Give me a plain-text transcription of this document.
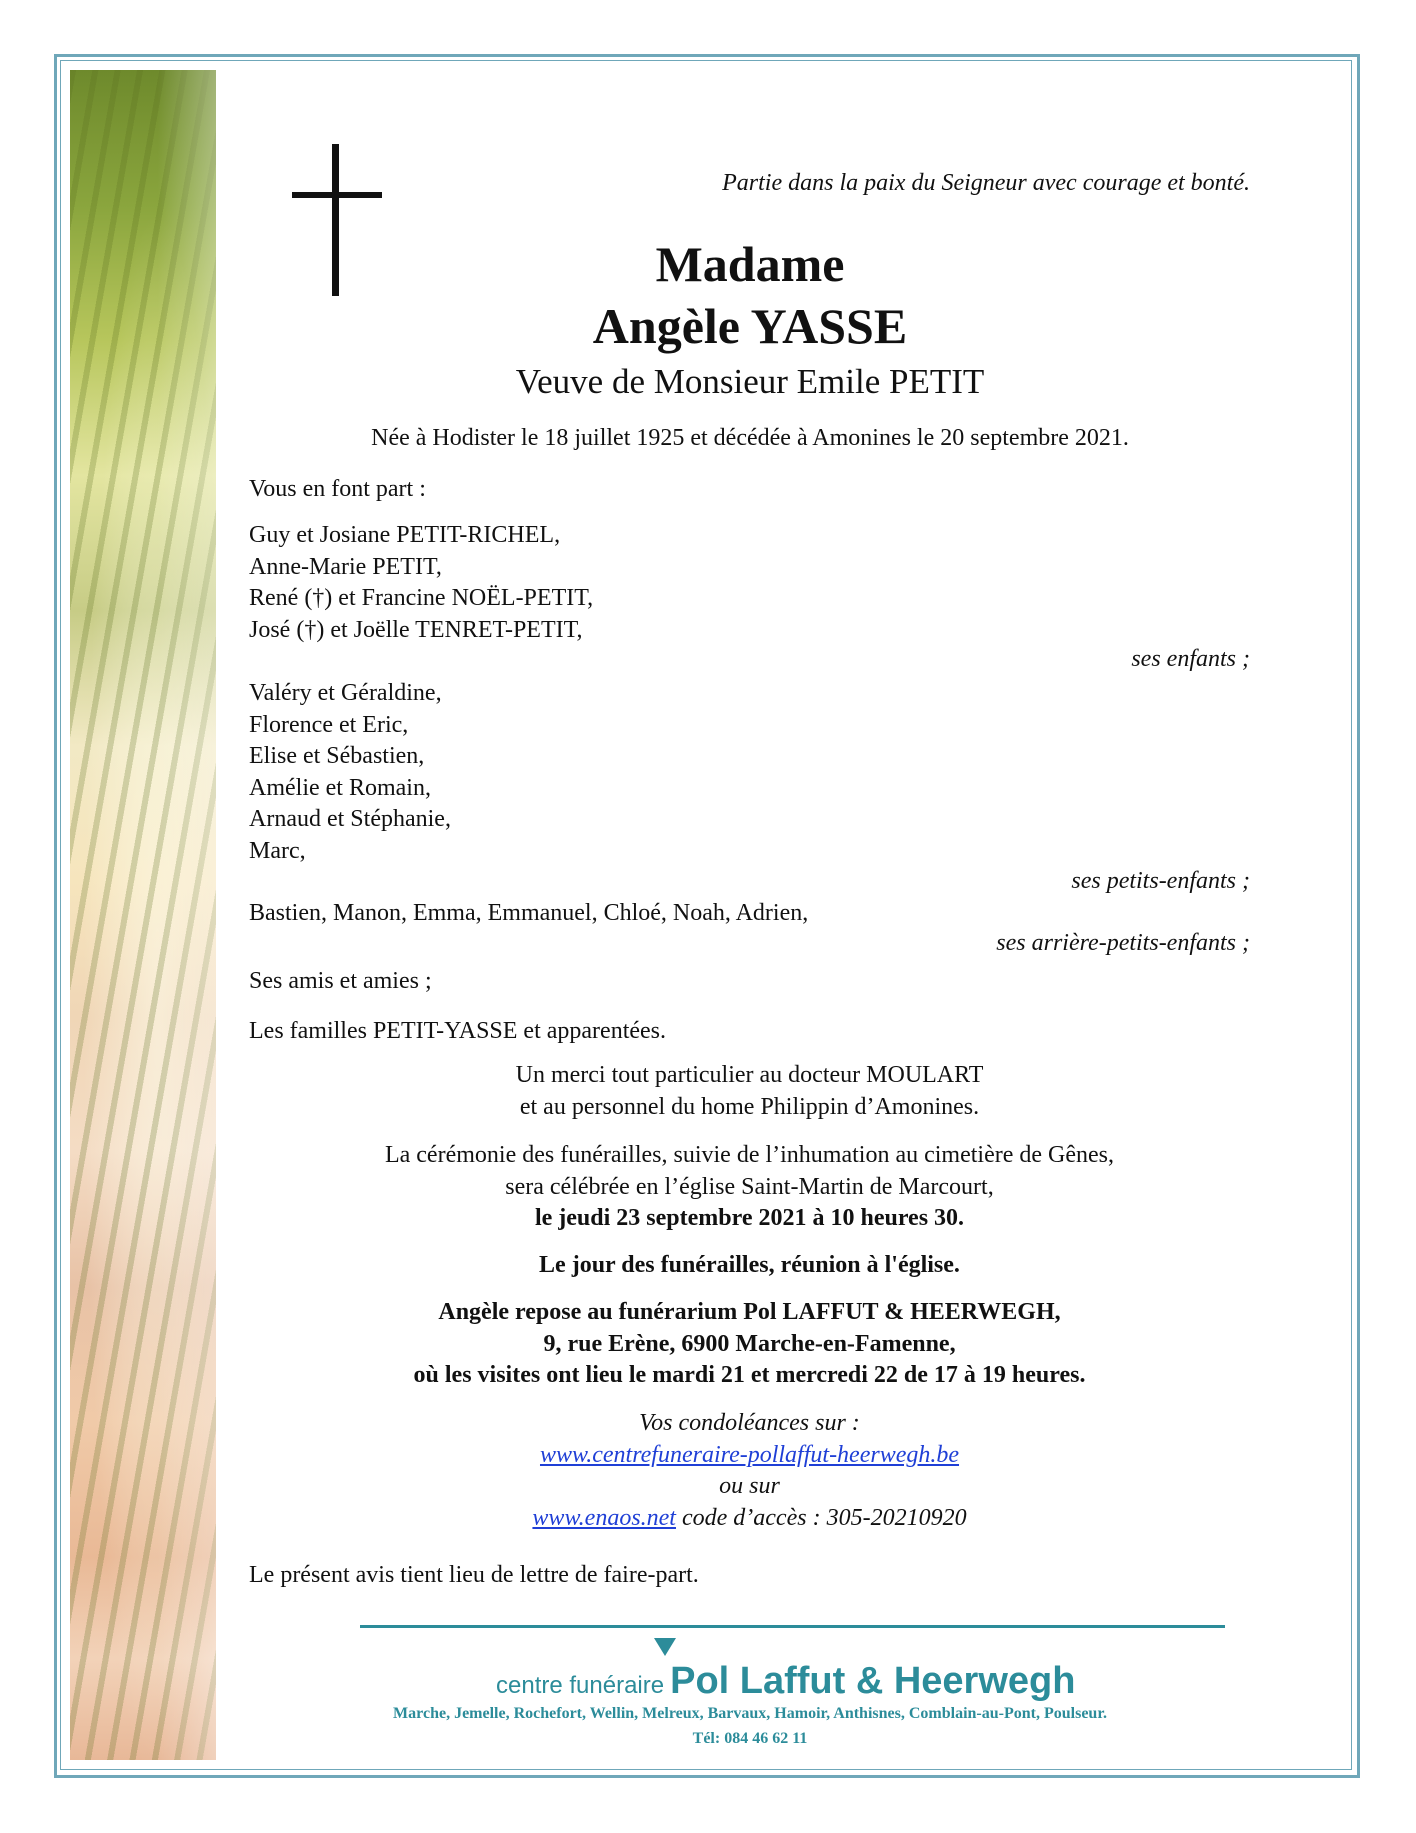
Partie dans la paix du Seigneur avec courage et bonté.
Madame
Angèle YASSE
Veuve de Monsieur Emile PETIT
Née à Hodister le 18 juillet 1925 et décédée à Amonines le 20 septembre 2021.
Vous en font part :
Guy et Josiane PETIT-RICHEL,
Anne-Marie PETIT,
René (†) et Francine NOËL-PETIT,
José (†) et Joëlle TENRET-PETIT,
ses enfants ;
Valéry et Géraldine,
Florence et Eric,
Elise et Sébastien,
Amélie et Romain,
Arnaud et Stéphanie,
Marc,
ses petits-enfants ;
Bastien, Manon, Emma, Emmanuel, Chloé, Noah, Adrien,
ses arrière-petits-enfants ;
Ses amis et amies ;
Les familles PETIT-YASSE et apparentées.
Un merci tout particulier au docteur MOULART
et au personnel du home Philippin d’Amonines.
La cérémonie des funérailles, suivie de l’inhumation au cimetière de Gênes,
sera célébrée en l’église Saint-Martin de Marcourt,
le jeudi 23 septembre 2021 à 10 heures 30.
Le jour des funérailles, réunion à l'église.
Angèle repose au funérarium Pol LAFFUT & HEERWEGH,
9, rue Erène, 6900 Marche-en-Famenne,
où les visites ont lieu le mardi 21 et mercredi 22 de 17 à 19 heures.
Vos condoléances sur :
www.centrefuneraire-pollaffut-heerwegh.be
ou sur
www.enaos.net code d’accès : 305-20210920
Le présent avis tient lieu de lettre de faire-part.
centre funéraire Pol Laffut & Heerwegh
Marche, Jemelle, Rochefort, Wellin, Melreux, Barvaux, Hamoir, Anthisnes, Comblain-au-Pont, Poulseur.
Tél: 084 46 62 11
